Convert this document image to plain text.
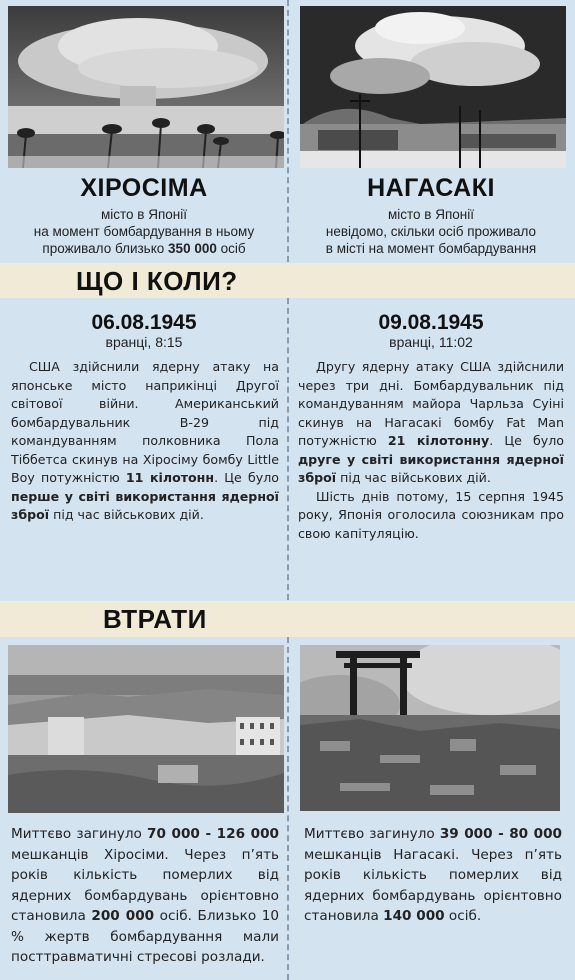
ХІРОСІМА	НАГАСАКІ
місто в Японії
на момент бомбардування в ньому
проживало близько 350 000 осіб
місто в Японії
невідомо, скільки осіб проживало
в місті на момент бомбардування
ЩО І КОЛИ?
06.08.1945	09.08.1945
вранці, 8:15	вранці, 11:02

США здійснили ядерну атаку на японське місто наприкінці Другої світової війни. Американський бомбардувальник B-29 під командуванням полковника Пола Тіббетса скинув на Хіросіму бомбу Little Boy потужністю 11 кілотонн. Це було перше у світі використання ядерної зброї під час військових дій.

Другу ядерну атаку США здійснили через три дні. Бомбардувальник під командуванням майора Чарльза Суіні скинув на Нагасакі бомбу Fat Man потужністю 21 кілотонну. Це було друге у світі використання ядерної зброї під час військових дій.

Шість днів потому, 15 серпня 1945 року, Японія оголосила союзникам про свою капітуляцію.

ВТРАТИ
Миттєво загинуло 70 000 - 126 000 мешканців Хіросіми. Через п’ять років кількість померлих від ядерних бомбардувань орієнтовно становила 200 000 осіб. Близько 10 % жертв бомбардування мали посттравматичні стресові розлади.
Миттєво загинуло 39 000 - 80 000 мешканців Нагасакі. Через п’ять років кількість померлих від ядерних бомбардувань орієнтовно становила 140 000 осіб.
